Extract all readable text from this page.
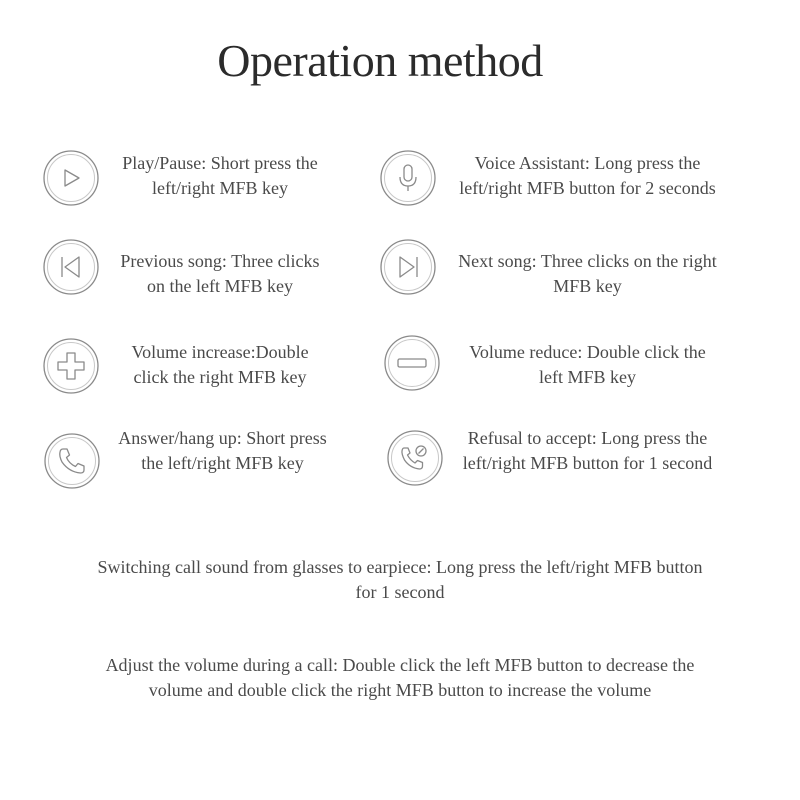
Operation method
Play/Pause: Short press the
left/right MFB key
Voice Assistant: Long press the
left/right MFB button for 2 seconds
Previous song: Three clicks
on the left MFB key
Next song: Three clicks on the right
MFB key
Volume increase:Double
click the right MFB key
Volume reduce: Double click the
left MFB key
Answer/hang up: Short press
the left/right MFB key
Refusal to accept: Long press the
left/right MFB button for 1 second
Switching call sound from glasses to earpiece: Long press the left/right MFB button
for 1 second
Adjust the volume during a call: Double click the left MFB button to decrease the
volume and double click the right MFB button to increase the volume
